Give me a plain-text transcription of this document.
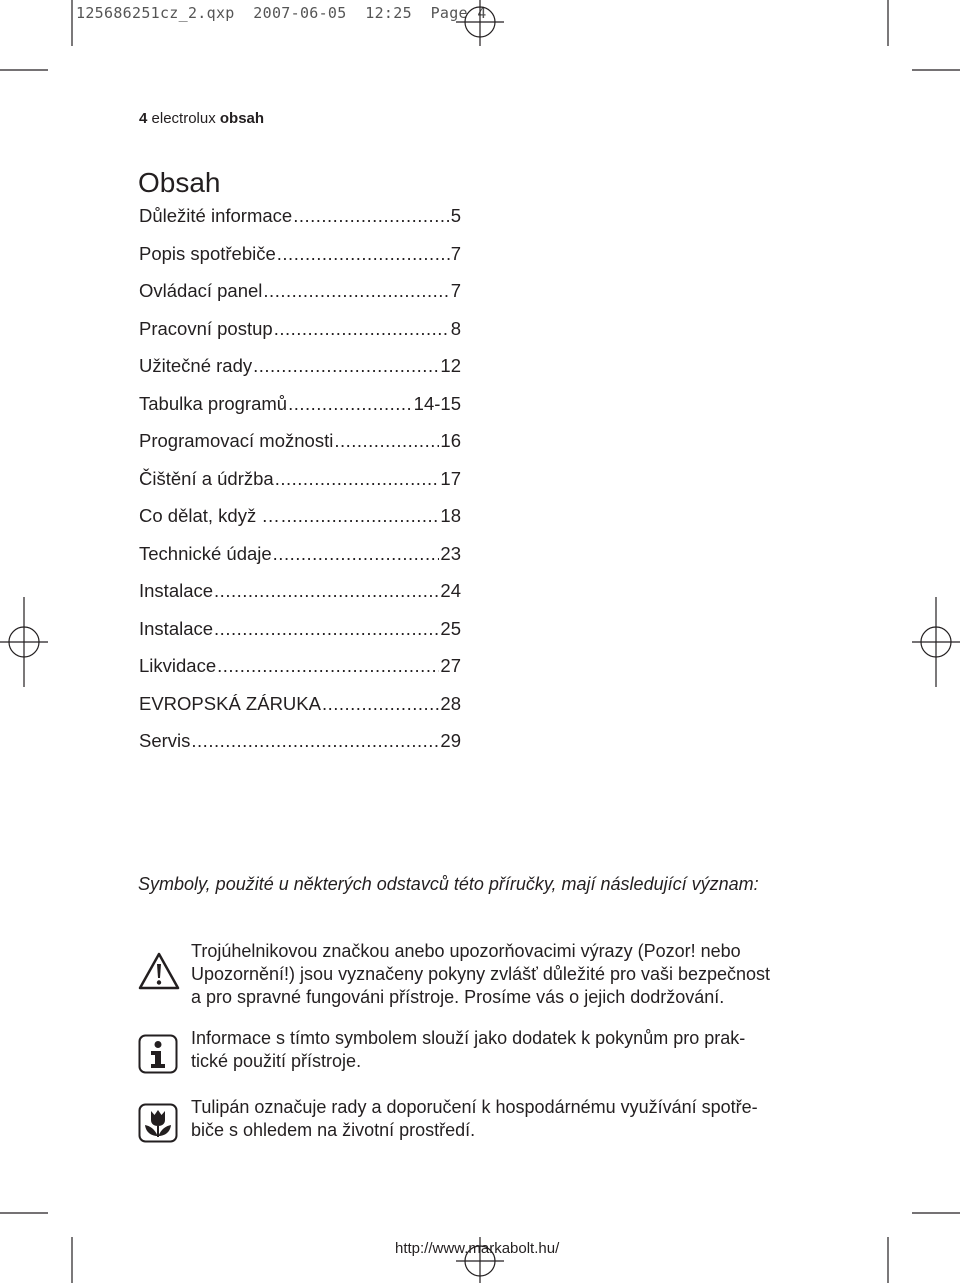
125686251cz_2.qxp  2007-06-05  12:25  Page 4
4 electrolux obsah
Obsah
Důležité informace .....	5
Popis spotřebiče .....	7
Ovládací panel .....	7
Pracovní postup .....	8
Užitečné rady .....	12
Tabulka programů .....	14-15
Programovací možnosti .....	16
Čištění a údržba .....	17
Co dělat, když … .....	18
Technické údaje .....	23
Instalace .....	24
Instalace .....	25
Likvidace .....	27
EVROPSKÁ ZÁRUKA .....	28
Servis .....	29
Symboly, použité u některých odstavců této příručky, mají následující význam:
Trojúhelnikovou značkou anebo upozorňovacimi výrazy (Pozor! nebo
Upozornění!) jsou vyznačeny pokyny zvlášť důležité pro vaši bezpečnost
a pro spravné fungováni přístroje. Prosíme vás o jejich dodržování.
Informace s tímto symbolem slouží jako dodatek k pokynům pro prak-
tické použití přístroje.
Tulipán označuje rady a doporučení k hospodárnému využívání spotře-
biče s ohledem na životní prostředí.
http://www.markabolt.hu/
